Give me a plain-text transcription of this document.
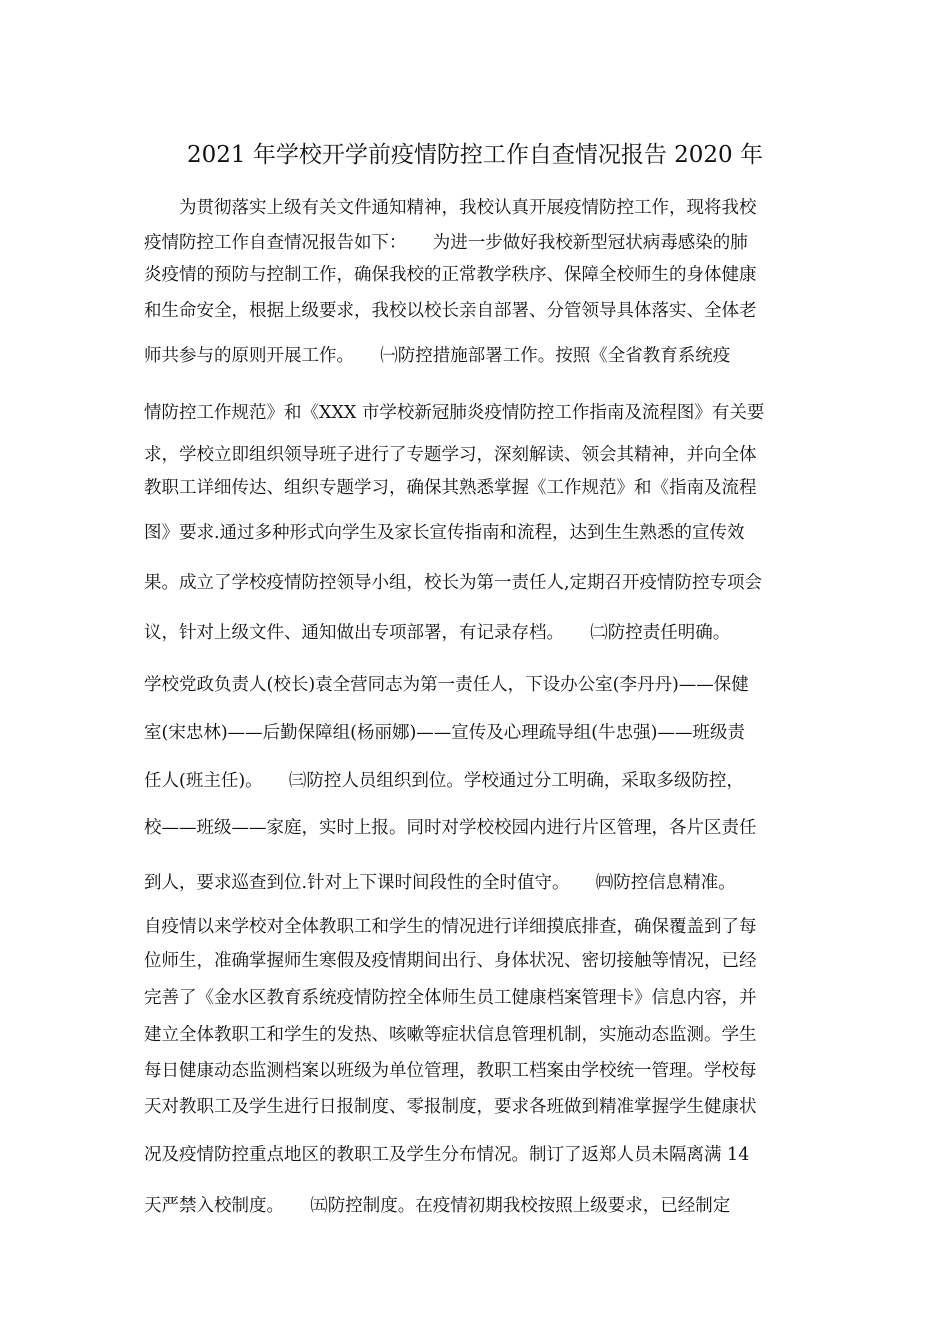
2021 年学校开学前疫情防控工作自查情况报告 2020 年
　　为贯彻落实上级有关文件通知精神，我校认真开展疫情防控工作，现将我校
疫情防控工作自查情况报告如下：　　为进一步做好我校新型冠状病毒感染的肺
炎疫情的预防与控制工作，确保我校的正常教学秩序、保障全校师生的身体健康
和生命安全，根据上级要求，我校以校长亲自部署、分管领导具体落实、全体老
师共参与的原则开展工作。　　㈠防控措施部署工作。按照《全省教育系统疫
情防控工作规范》和《XXX 市学校新冠肺炎疫情防控工作指南及流程图》有关要
求，学校立即组织领导班子进行了专题学习，深刻解读、领会其精神，并向全体
教职工详细传达、组织专题学习，确保其熟悉掌握《工作规范》和《指南及流程
图》要求.通过多种形式向学生及家长宣传指南和流程，达到生生熟悉的宣传效
果。成立了学校疫情防控领导小组，校长为第一责任人,定期召开疫情防控专项会
议，针对上级文件、通知做出专项部署，有记录存档。　　㈡防控责任明确。
学校党政负责人(校长)袁全营同志为第一责任人，下设办公室(李丹丹)——保健
室(宋忠林)——后勤保障组(杨丽娜)——宣传及心理疏导组(牛忠强)——班级责
任人(班主任)。　　㈢防控人员组织到位。学校通过分工明确，采取多级防控，
校——班级——家庭，实时上报。同时对学校校园内进行片区管理，各片区责任
到人，要求巡查到位.针对上下课时间段性的全时值守。　　㈣防控信息精准。
自疫情以来学校对全体教职工和学生的情况进行详细摸底排查，确保覆盖到了每
位师生，准确掌握师生寒假及疫情期间出行、身体状况、密切接触等情况，已经
完善了《金水区教育系统疫情防控全体师生员工健康档案管理卡》信息内容，并
建立全体教职工和学生的发热、咳嗽等症状信息管理机制，实施动态监测。学生
每日健康动态监测档案以班级为单位管理，教职工档案由学校统一管理。学校每
天对教职工及学生进行日报制度、零报制度，要求各班做到精准掌握学生健康状
况及疫情防控重点地区的教职工及学生分布情况。制订了返郑人员未隔离满 14
天严禁入校制度。　　㈤防控制度。在疫情初期我校按照上级要求，已经制定
